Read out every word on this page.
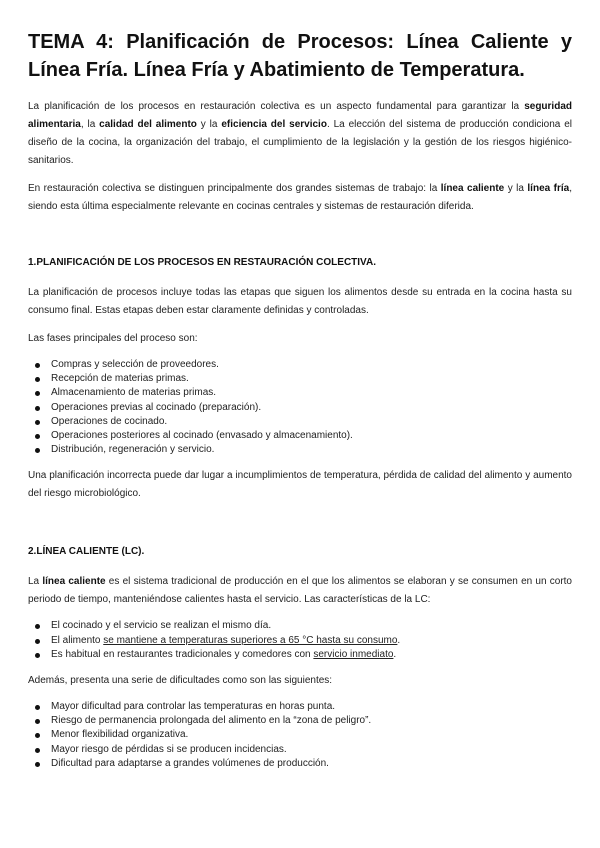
TEMA 4: Planificación de Procesos: Línea Caliente y Línea Fría. Línea Fría y Abatimiento de Temperatura.

La planificación de los procesos en restauración colectiva es un aspecto fundamental para garantizar la seguridad alimentaria, la calidad del alimento y la eficiencia del servicio. La elección del sistema de producción condiciona el diseño de la cocina, la organización del trabajo, el cumplimiento de la legislación y la gestión de los riesgos higiénico-sanitarios.

En restauración colectiva se distinguen principalmente dos grandes sistemas de trabajo: la línea caliente y la línea fría, siendo esta última especialmente relevante en cocinas centrales y sistemas de restauración diferida.

1.PLANIFICACIÓN DE LOS PROCESOS EN RESTAURACIÓN COLECTIVA.

La planificación de procesos incluye todas las etapas que siguen los alimentos desde su entrada en la cocina hasta su consumo final. Estas etapas deben estar claramente definidas y controladas.

Las fases principales del proceso son:

Compras y selección de proveedores.
Recepción de materias primas.
Almacenamiento de materias primas.
Operaciones previas al cocinado (preparación).
Operaciones de cocinado.
Operaciones posteriores al cocinado (envasado y almacenamiento).
Distribución, regeneración y servicio.

Una planificación incorrecta puede dar lugar a incumplimientos de temperatura, pérdida de calidad del alimento y aumento del riesgo microbiológico.

2.LÍNEA CALIENTE (LC).

La línea caliente es el sistema tradicional de producción en el que los alimentos se elaboran y se consumen en un corto periodo de tiempo, manteniéndose calientes hasta el servicio. Las características de la LC:

El cocinado y el servicio se realizan el mismo día.
El alimento se mantiene a temperaturas superiores a 65 °C hasta su consumo.
Es habitual en restaurantes tradicionales y comedores con servicio inmediato.

Además, presenta una serie de dificultades como son las siguientes:

Mayor dificultad para controlar las temperaturas en horas punta.
Riesgo de permanencia prolongada del alimento en la “zona de peligro”.
Menor flexibilidad organizativa.
Mayor riesgo de pérdidas si se producen incidencias.
Dificultad para adaptarse a grandes volúmenes de producción.
